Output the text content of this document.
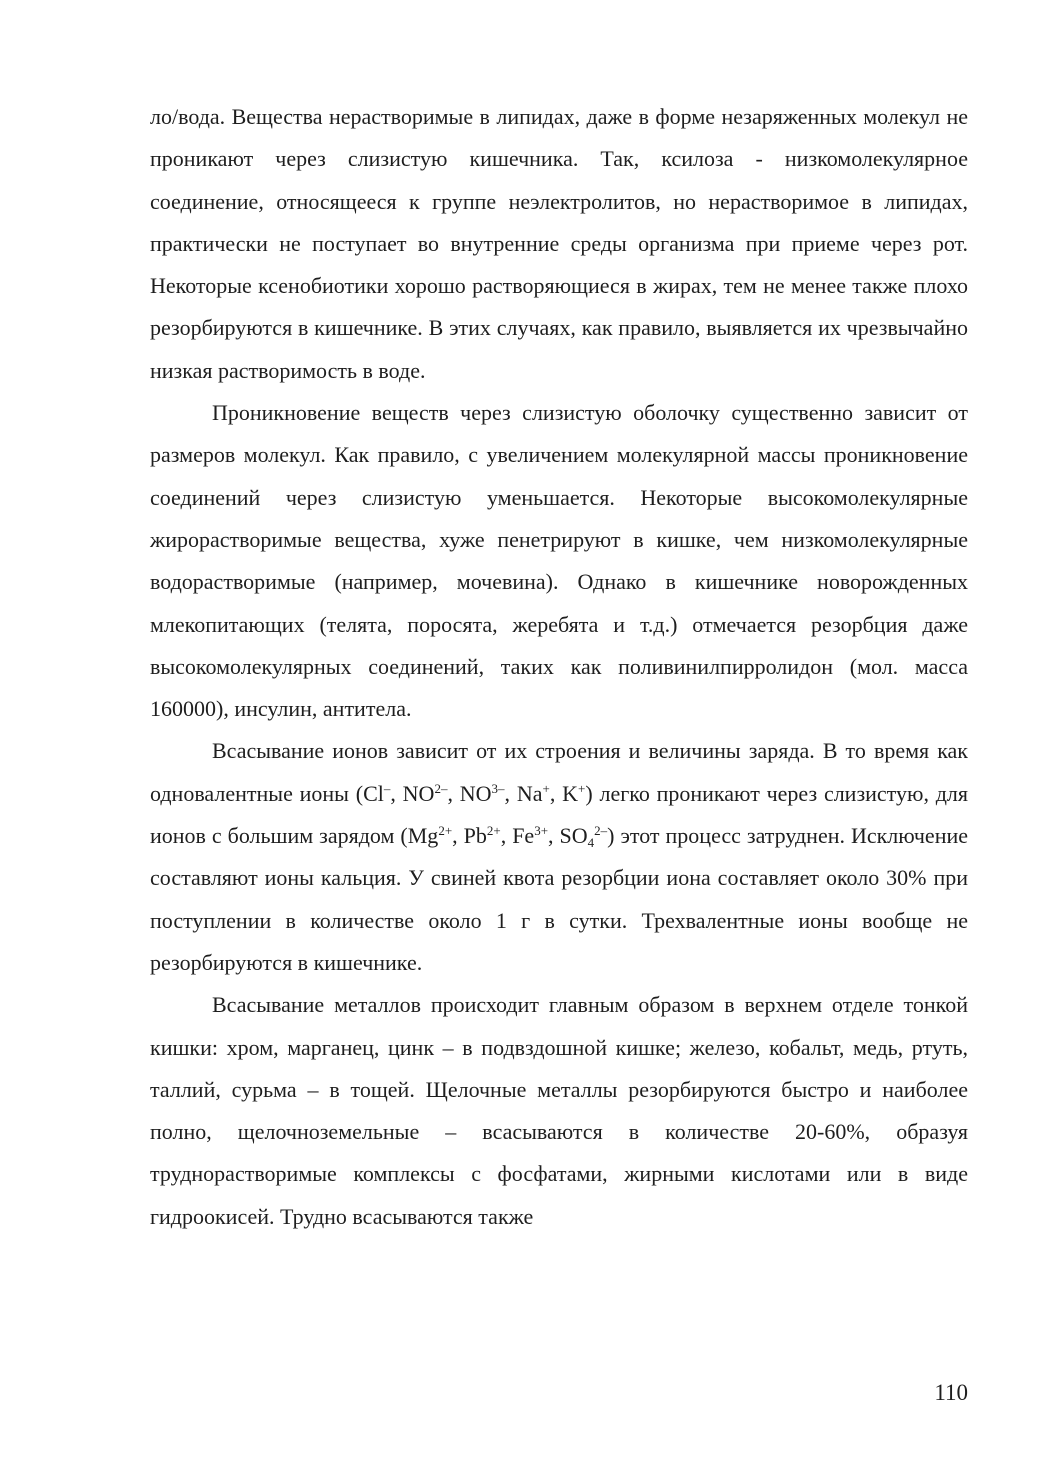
ло/вода. Вещества нерастворимые в липидах, даже в форме незаряженных молекул не проникают через слизистую кишечника. Так, ксилоза - низкомолекулярное соединение, относящееся к группе неэлектролитов, но нерастворимое в липидах, практически не поступает во внутренние среды организма при приеме через рот. Некоторые ксенобиотики хорошо растворяющиеся в жирах, тем не менее также плохо резорбируются в кишечнике. В этих случаях, как правило, выявляется их чрезвычайно низкая растворимость в воде.

Проникновение веществ через слизистую оболочку существенно зависит от размеров молекул. Как правило, с увеличением молекулярной массы проникновение соединений через слизистую уменьшается. Некоторые высокомолекулярные жирорастворимые вещества, хуже пенетрируют в кишке, чем низкомолекулярные водорастворимые (например, мочевина). Однако в кишечнике новорожденных млекопитающих (телята, поросята, жеребята и т.д.) отмечается резорбция даже высокомолекулярных соединений, таких как поливинилпирролидон (мол. масса 160000), инсулин, антитела.

Всасывание ионов зависит от их строения и величины заряда. В то время как одновалентные ионы (Cl–, $NO^{2-}$, $NO^{3-}$, Na+, K+) легко проникают через слизистую, для ионов с большим зарядом ($Mg^{2+}$, $Pb^{2+}$, $Fe^{3+}$, $SO_4^{2-}$) этот процесс затруднен. Исключение составляют ионы кальция. У свиней квота резорбции иона составляет около 30% при поступлении в количестве около 1 г в сутки. Трехвалентные ионы вообще не резорбируются в кишечнике.

Всасывание металлов происходит главным образом в верхнем отделе тонкой кишки: хром, марганец, цинк – в подвздошной кишке; железо, кобальт, медь, ртуть, таллий, сурьма – в тощей. Щелочные металлы резорбируются быстро и наиболее полно, щелочноземельные – всасываются в количестве 20-60%, образуя труднорастворимые комплексы с фосфатами, жирными кислотами или в виде гидроокисей. Трудно всасываются также

110
